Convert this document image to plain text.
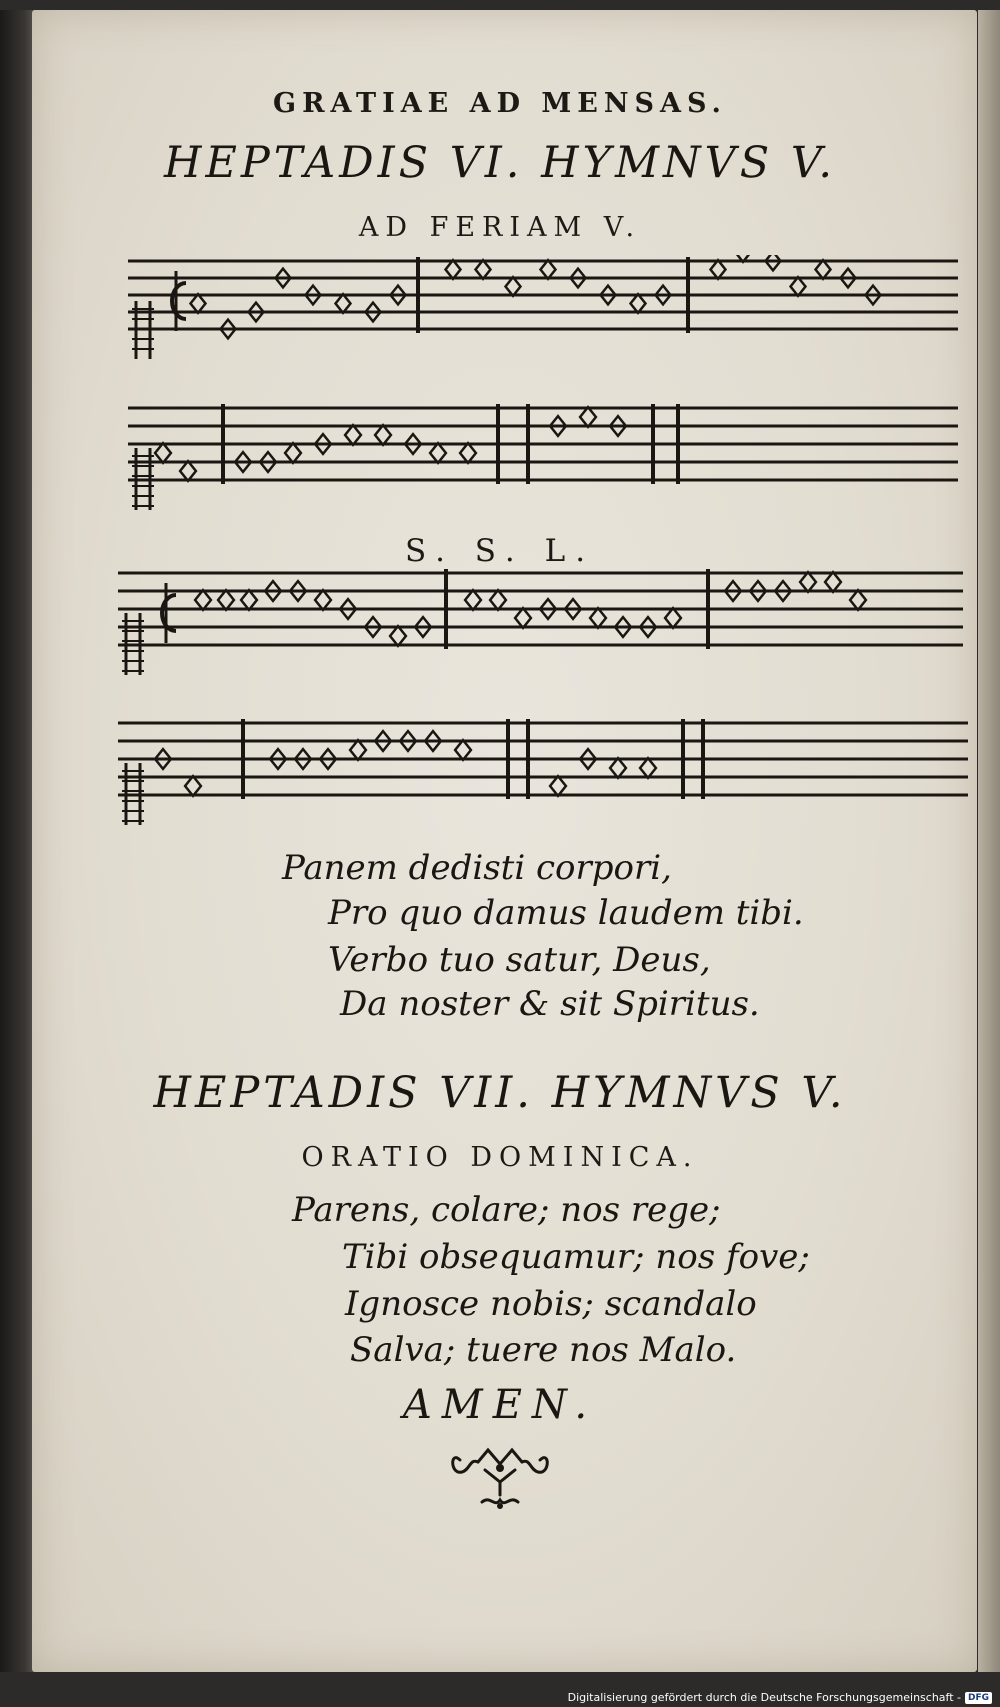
GRATIAE AD MENSAS.
HEPTADIS VI. HYMNVS V.
AD FERIAM V.
S. S. L.
Panem dedisti corpori,
Pro quo damus laudem tibi.
Verbo tuo satur, Deus,
Da noster & sit Spiritus.
HEPTADIS VII. HYMNVS V.
ORATIO DOMINICA.
Parens, colare; nos rege;
Tibi obsequamur; nos fove;
Ignosce nobis; scandalo
Salva; tuere nos Malo.
AMEN.
Digitalisierung gefördert durch die Deutsche Forschungsgemeinschaft - DFG
